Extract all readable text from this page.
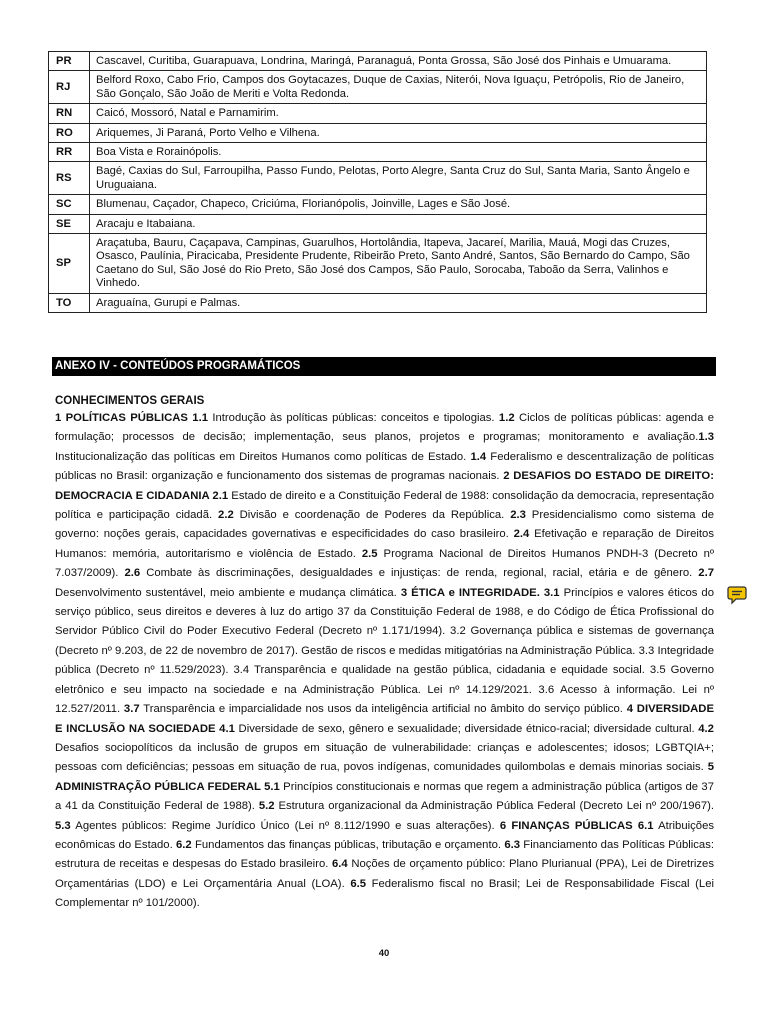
PR	Cascavel, Curitiba, Guarapuava, Londrina, Maringá, Paranaguá, Ponta Grossa, São José dos Pinhais e Umuarama.
RJ	Belford Roxo, Cabo Frio, Campos dos Goytacazes, Duque de Caxias, Niterói, Nova Iguaçu, Petrópolis, Rio de Janeiro, São Gonçalo, São João de Meriti e Volta Redonda.
RN	Caicó, Mossoró, Natal e Parnamirim.
RO	Ariquemes, Ji Paraná, Porto Velho e Vilhena.
RR	Boa Vista e Rorainópolis.
RS	Bagé, Caxias do Sul, Farroupilha, Passo Fundo, Pelotas, Porto Alegre, Santa Cruz do Sul, Santa Maria, Santo Ângelo e Uruguaiana.
SC	Blumenau, Caçador, Chapeco, Criciúma, Florianópolis, Joinville, Lages e São José.
SE	Aracaju e Itabaiana.
SP	Araçatuba, Bauru, Caçapava, Campinas, Guarulhos, Hortolândia, Itapeva, Jacareí, Marilia, Mauá, Mogi das Cruzes, Osasco, Paulínia, Piracicaba, Presidente Prudente, Ribeirão Preto, Santo André, Santos, São Bernardo do Campo, São Caetano do Sul, São José do Rio Preto, São José dos Campos, São Paulo, Sorocaba, Taboão da Serra, Valinhos e Vinhedo.
TO	Araguaína, Gurupi e Palmas.
ANEXO IV - CONTEÚDOS PROGRAMÁTICOS
CONHECIMENTOS GERAIS

1 POLÍTICAS PÚBLICAS 1.1 Introdução às políticas públicas: conceitos e tipologias. 1.2 Ciclos de políticas públicas: agenda e formulação; processos de decisão; implementação, seus planos, projetos e programas; monitoramento e avaliação.1.3 Institucionalização das políticas em Direitos Humanos como políticas de Estado. 1.4 Federalismo e descentralização de políticas públicas no Brasil: organização e funcionamento dos sistemas de programas nacionais. 2 DESAFIOS DO ESTADO DE DIREITO: DEMOCRACIA E CIDADANIA 2.1 Estado de direito e a Constituição Federal de 1988: consolidação da democracia, representação política e participação cidadã. 2.2 Divisão e coordenação de Poderes da República. 2.3 Presidencialismo como sistema de governo: noções gerais, capacidades governativas e especificidades do caso brasileiro. 2.4 Efetivação e reparação de Direitos Humanos: memória, autoritarismo e violência de Estado. 2.5 Programa Nacional de Direitos Humanos PNDH-3 (Decreto nº 7.037/2009). 2.6 Combate às discriminações, desigualdades e injustiças: de renda, regional, racial, etária e de gênero. 2.7 Desenvolvimento sustentável, meio ambiente e mudança climática. 3 ÉTICA e INTEGRIDADE. 3.1 Princípios e valores éticos do serviço público, seus direitos e deveres à luz do artigo 37 da Constituição Federal de 1988, e do Código de Ética Profissional do Servidor Público Civil do Poder Executivo Federal (Decreto nº 1.171/1994). 3.2 Governança pública e sistemas de governança (Decreto nº 9.203, de 22 de novembro de 2017). Gestão de riscos e medidas mitigatórias na Administração Pública. 3.3 Integridade pública (Decreto nº 11.529/2023). 3.4 Transparência e qualidade na gestão pública, cidadania e equidade social. 3.5 Governo eletrônico e seu impacto na sociedade e na Administração Pública. Lei nº 14.129/2021. 3.6 Acesso à informação. Lei nº 12.527/2011. 3.7 Transparência e imparcialidade nos usos da inteligência artificial no âmbito do serviço público. 4 DIVERSIDADE E INCLUSÃO NA SOCIEDADE 4.1 Diversidade de sexo, gênero e sexualidade; diversidade étnico-racial; diversidade cultural. 4.2 Desafios sociopolíticos da inclusão de grupos em situação de vulnerabilidade: crianças e adolescentes; idosos; LGBTQIA+; pessoas com deficiências; pessoas em situação de rua, povos indígenas, comunidades quilombolas e demais minorias sociais. 5 ADMINISTRAÇÃO PÚBLICA FEDERAL 5.1 Princípios constitucionais e normas que regem a administração pública (artigos de 37 a 41 da Constituição Federal de 1988). 5.2 Estrutura organizacional da Administração Pública Federal (Decreto Lei nº 200/1967). 5.3 Agentes públicos: Regime Jurídico Único (Lei nº 8.112/1990 e suas alterações). 6 FINANÇAS PÚBLICAS 6.1 Atribuições econômicas do Estado. 6.2 Fundamentos das finanças públicas, tributação e orçamento. 6.3 Financiamento das Políticas Públicas: estrutura de receitas e despesas do Estado brasileiro. 6.4 Noções de orçamento público: Plano Plurianual (PPA), Lei de Diretrizes Orçamentárias (LDO) e Lei Orçamentária Anual (LOA). 6.5 Federalismo fiscal no Brasil; Lei de Responsabilidade Fiscal (Lei Complementar nº 101/2000).

40
